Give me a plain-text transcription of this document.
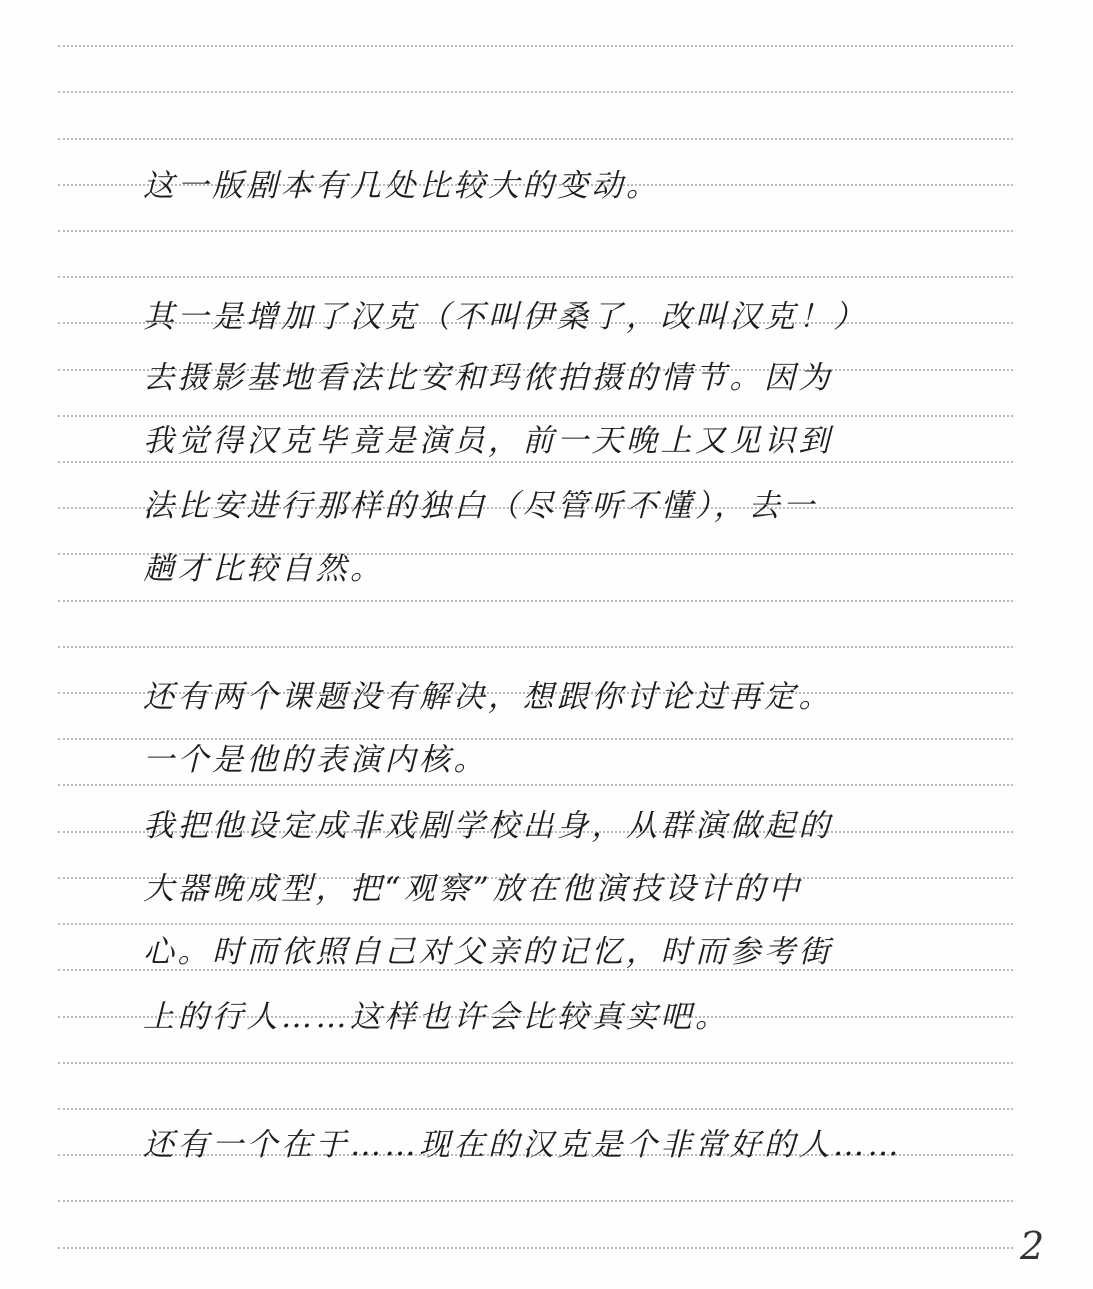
这一版剧本有几处比较大的变动。

其一是增加了汉克（不叫伊桑了，改叫汉克！）

去摄影基地看法比安和玛侬拍摄的情节。因为

我觉得汉克毕竟是演员，前一天晚上又见识到

法比安进行那样的独白（尽管听不懂），去一

趟才比较自然。

还有两个课题没有解决，想跟你讨论过再定。

一个是他的表演内核。

我把他设定成非戏剧学校出身，从群演做起的

大器晚成型，把“观察”放在他演技设计的中

心。时而依照自己对父亲的记忆，时而参考街

上的行人……这样也许会比较真实吧。

还有一个在于……现在的汉克是个非常好的人……

2
